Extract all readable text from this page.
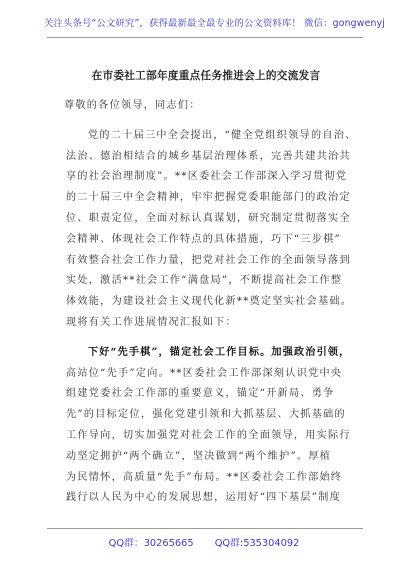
关注头条号“公文研究”，获得最新最全最专业的公文资料库！ 微信：gongwenyj
在市委社工部年度重点任务推进会上的交流发言
尊敬的各位领导，同志们：
党的二十届三中全会提出，“健全党组织领导的自治、
法治、德治相结合的城乡基层治理体系，完善共建共治共
享的社会治理制度”。**区委社会工作部深入学习贯彻党
的二十届三中全会精神，牢牢把握党委职能部门的政治定
位、职责定位，全面对标认真谋划，研究制定贯彻落实全
会精神、体现社会工作特点的具体措施，巧下“三步棋”
有效整合社会工作力量，把党对社会工作的全面领导落到
实处，激活**社会工作“满盘局”，不断提高社会工作整
体效能，为建设社会主义现代化新**奠定坚实社会基础。
现将有关工作进展情况汇报如下：
下好“先手棋”，锚定社会工作目标。加强政治引领，
高站位“先手”定向。**区委社会工作部深刻认识党中央
组建党委社会工作部的重要意义，锚定“开新局、勇争
先”的目标定位，强化党建引领和大抓基层、大抓基础的
工作导向，切实加强党对社会工作的全面领导，用实际行
动坚定拥护“两个确立”，坚决做到“两个维护”。厚植
为民情怀，高质量“先手”布局。**区委社会工作部始终
践行以人民为中心的发展思想，运用好“四下基层”制度
QQ群：30265665 QQ群:535304092
